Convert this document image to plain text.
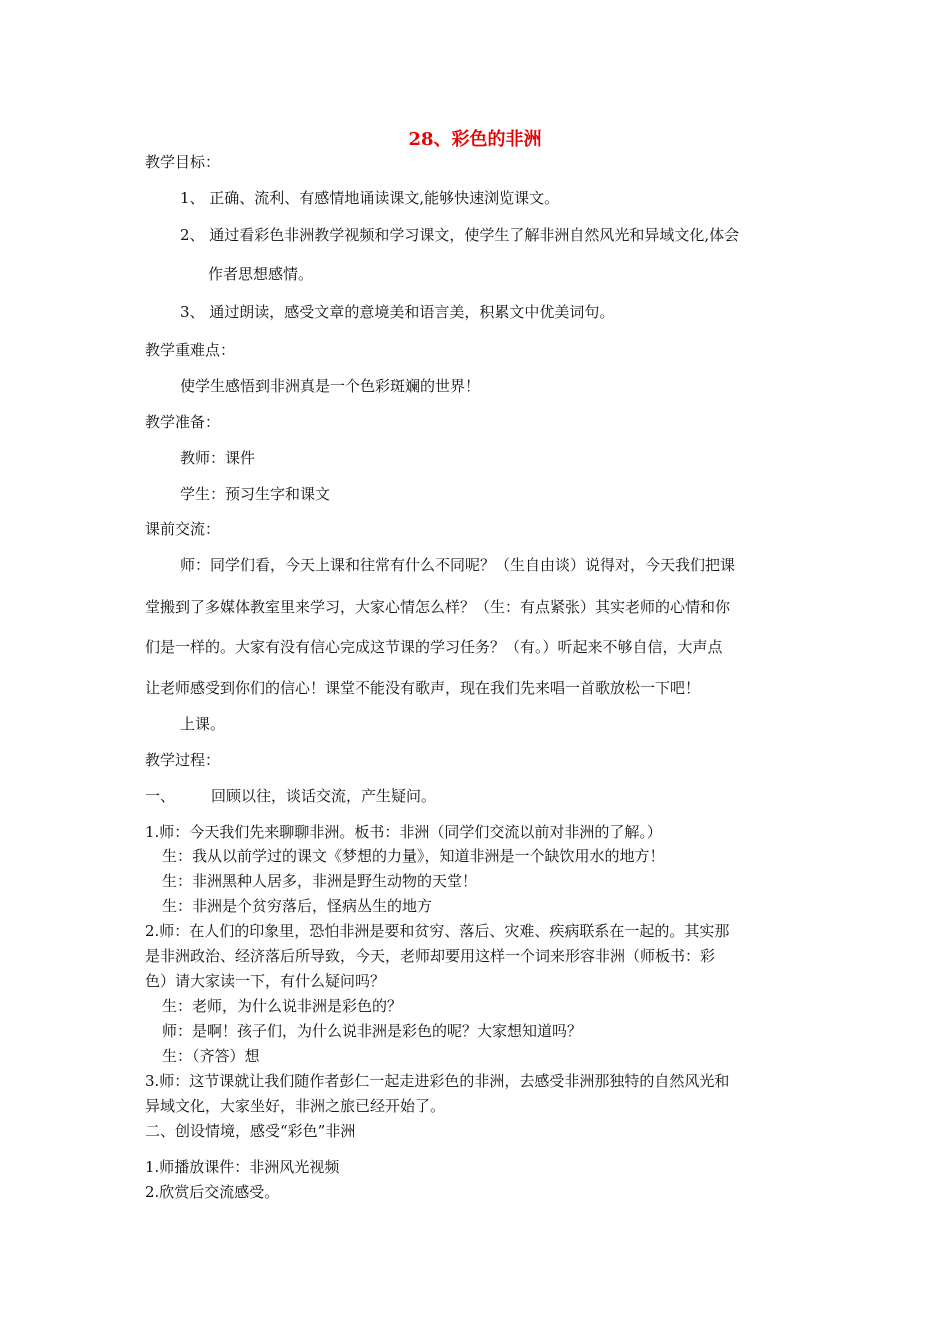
28、彩色的非洲
教学目标：
1、 正确、流利、有感情地诵读课文,能够快速浏览课文。
2、 通过看彩色非洲教学视频和学习课文，使学生了解非洲自然风光和异域文化,体会
作者思想感情。
3、 通过朗读，感受文章的意境美和语言美，积累文中优美词句。
教学重难点：
使学生感悟到非洲真是一个色彩斑斓的世界！
教学准备：
教师：课件
学生：预习生字和课文
课前交流：
师：同学们看，今天上课和往常有什么不同呢？（生自由谈）说得对，今天我们把课
堂搬到了多媒体教室里来学习，大家心情怎么样？（生：有点紧张）其实老师的心情和你
们是一样的。大家有没有信心完成这节课的学习任务？（有。）听起来不够自信，大声点
让老师感受到你们的信心！课堂不能没有歌声，现在我们先来唱一首歌放松一下吧！
上课。
教学过程：
一、 回顾以往，谈话交流，产生疑问。
1.师：今天我们先来聊聊非洲。板书：非洲（同学们交流以前对非洲的了解。）
生：我从以前学过的课文《梦想的力量》，知道非洲是一个缺饮用水的地方！
生：非洲黑种人居多，非洲是野生动物的天堂！
生：非洲是个贫穷落后，怪病丛生的地方
2.师：在人们的印象里，恐怕非洲是要和贫穷、落后、灾难、疾病联系在一起的。其实那
是非洲政治、经济落后所导致，今天，老师却要用这样一个词来形容非洲（师板书：彩
色）请大家读一下，有什么疑问吗？
生：老师，为什么说非洲是彩色的？
师：是啊！孩子们，为什么说非洲是彩色的呢？大家想知道吗？
生：（齐答）想
3.师：这节课就让我们随作者彭仁一起走进彩色的非洲，去感受非洲那独特的自然风光和
异域文化，大家坐好，非洲之旅已经开始了。
二、创设情境，感受“彩色”非洲
1.师播放课件：非洲风光视频
2.欣赏后交流感受。
